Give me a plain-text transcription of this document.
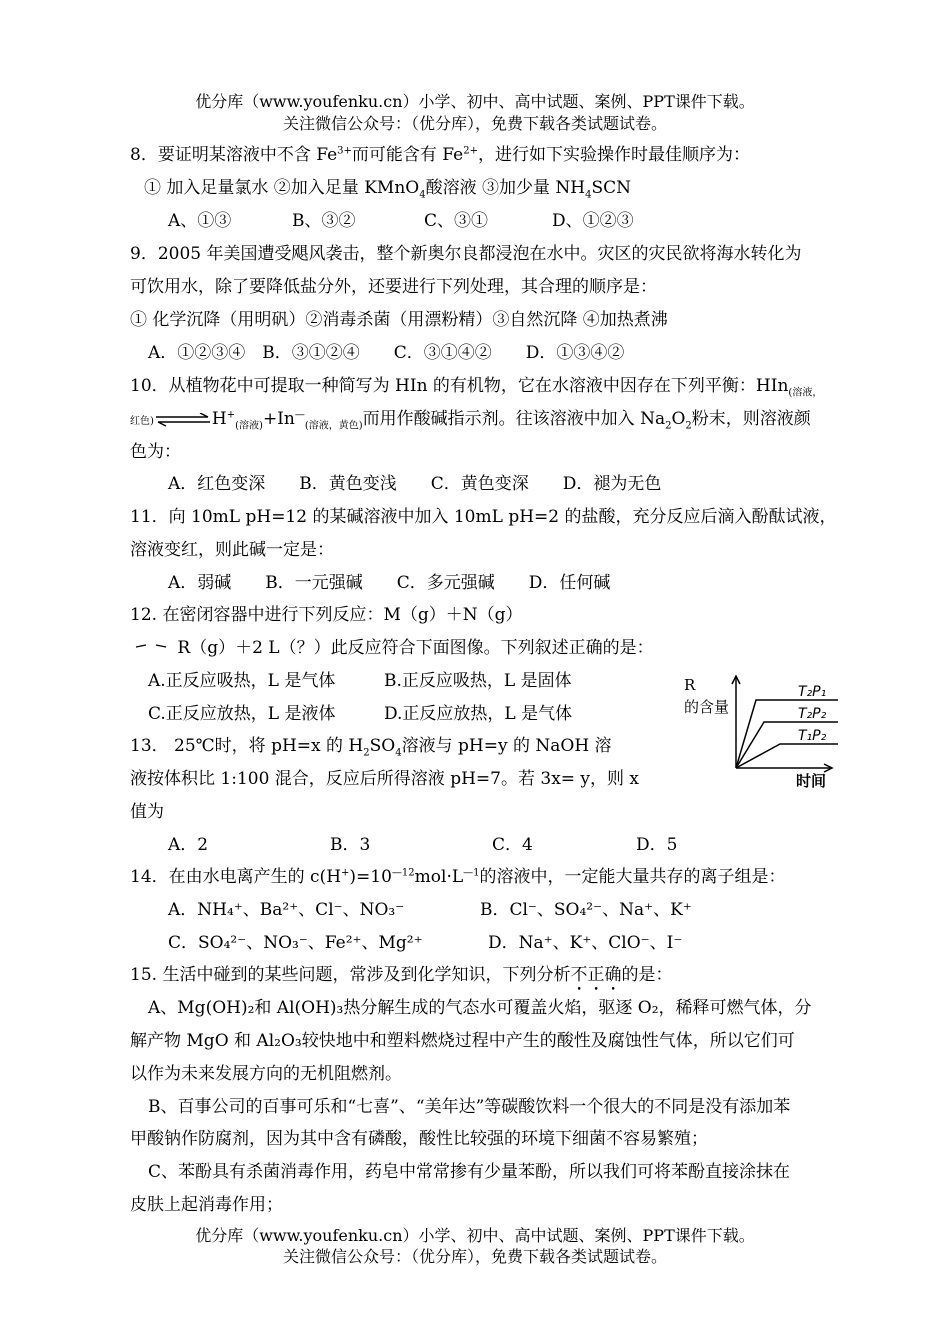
优分库（www.youfenku.cn）小学、初中、高中试题、案例、PPT课件下载。
关注微信公众号：（优分库），免费下载各类试题试卷。
8．要证明某溶液中不含 $Fe^{3+}$而可能含有 $Fe^{2+}$，进行如下实验操作时最佳顺序为：
① 加入足量氯水 ②加入足量 KMnO$_4$酸溶液 ③加少量 $NH_4SCN$
A、①③	B、③②	C、③①	D、①②③
9．2005 年美国遭受飓风袭击，整个新奥尔良都浸泡在水中。灾区的灾民欲将海水转化为
可饮用水，除了要降低盐分外，还要进行下列处理，其合理的顺序是：
① 化学沉降（用明矾）②消毒杀菌（用漂粉精）③自然沉降 ④加热煮沸
A．①②③④　B．③①②④　　C．③①④②　　D．①③④②
10．从植物花中可提取一种简写为 HIn 的有机物，它在水溶液中因存在下列平衡：HIn$_{(溶液,}$
红色)$\rightleftharpoons H^+_{(溶液)}+In^—_{(溶液,黄色)}$而用作酸碱指示剂。往该溶液中加入 $Na_2O_2$粉末，则溶液颜
色为：
A．红色变深　　B．黄色变浅　　C．黄色变深　　D．褪为无色
11．向 10mL pH=12 的某碱溶液中加入 10mL pH=2 的盐酸，充分反应后滴入酚酞试液，
溶液变红，则此碱一定是：
A．弱碱　　B．一元强碱　　C．多元强碱　　D．任何碱
12. 在密闭容器中进行下列反应：M（g）＋N（g）
R（g）＋2 L（？）此反应符合下面图像。下列叙述正确的是：
A.正反应吸热，L 是气体	B.正反应吸热，L 是固体
C.正反应放热，L 是液体	D.正反应放热，L 是气体
R
的含量
T₂P₁
T₂P₂
T₁P₂
时间
13． 25℃时，将 pH=x 的 $H_2SO_4$溶液与 pH=y 的 NaOH 溶
液按体积比 1:100 混合，反应后所得溶液 pH=7。若 3x= y，则 x
值为
A．2	B．3	C．4	D．5
14．在由水电离产生的 $c(H^+)=10^{—12}mol\cdot L^{—1}$的溶液中，一定能大量共存的离子组是：
A．NH₄⁺、Ba²⁺、Cl⁻、NO₃⁻	B．Cl⁻、SO₄²⁻、Na⁺、K⁺
C．SO₄²⁻、NO₃⁻、Fe²⁺、Mg²⁺	D．Na⁺、K⁺、ClO⁻、I⁻
15. 生活中碰到的某些问题，常涉及到化学知识，下列分析不正确的是：
A、Mg(OH)₂和 Al(OH)₃热分解生成的气态水可覆盖火焰，驱逐 O₂，稀释可燃气体，分
解产物 MgO 和 Al₂O₃较快地中和塑料燃烧过程中产生的酸性及腐蚀性气体，所以它们可
以作为未来发展方向的无机阻燃剂。
B、百事公司的百事可乐和“七喜”、“美年达”等碳酸饮料一个很大的不同是没有添加苯
甲酸钠作防腐剂，因为其中含有磷酸，酸性比较强的环境下细菌不容易繁殖；
C、苯酚具有杀菌消毒作用，药皂中常常掺有少量苯酚，所以我们可将苯酚直接涂抹在
皮肤上起消毒作用；
优分库（www.youfenku.cn）小学、初中、高中试题、案例、PPT课件下载。
关注微信公众号：（优分库），免费下载各类试题试卷。
